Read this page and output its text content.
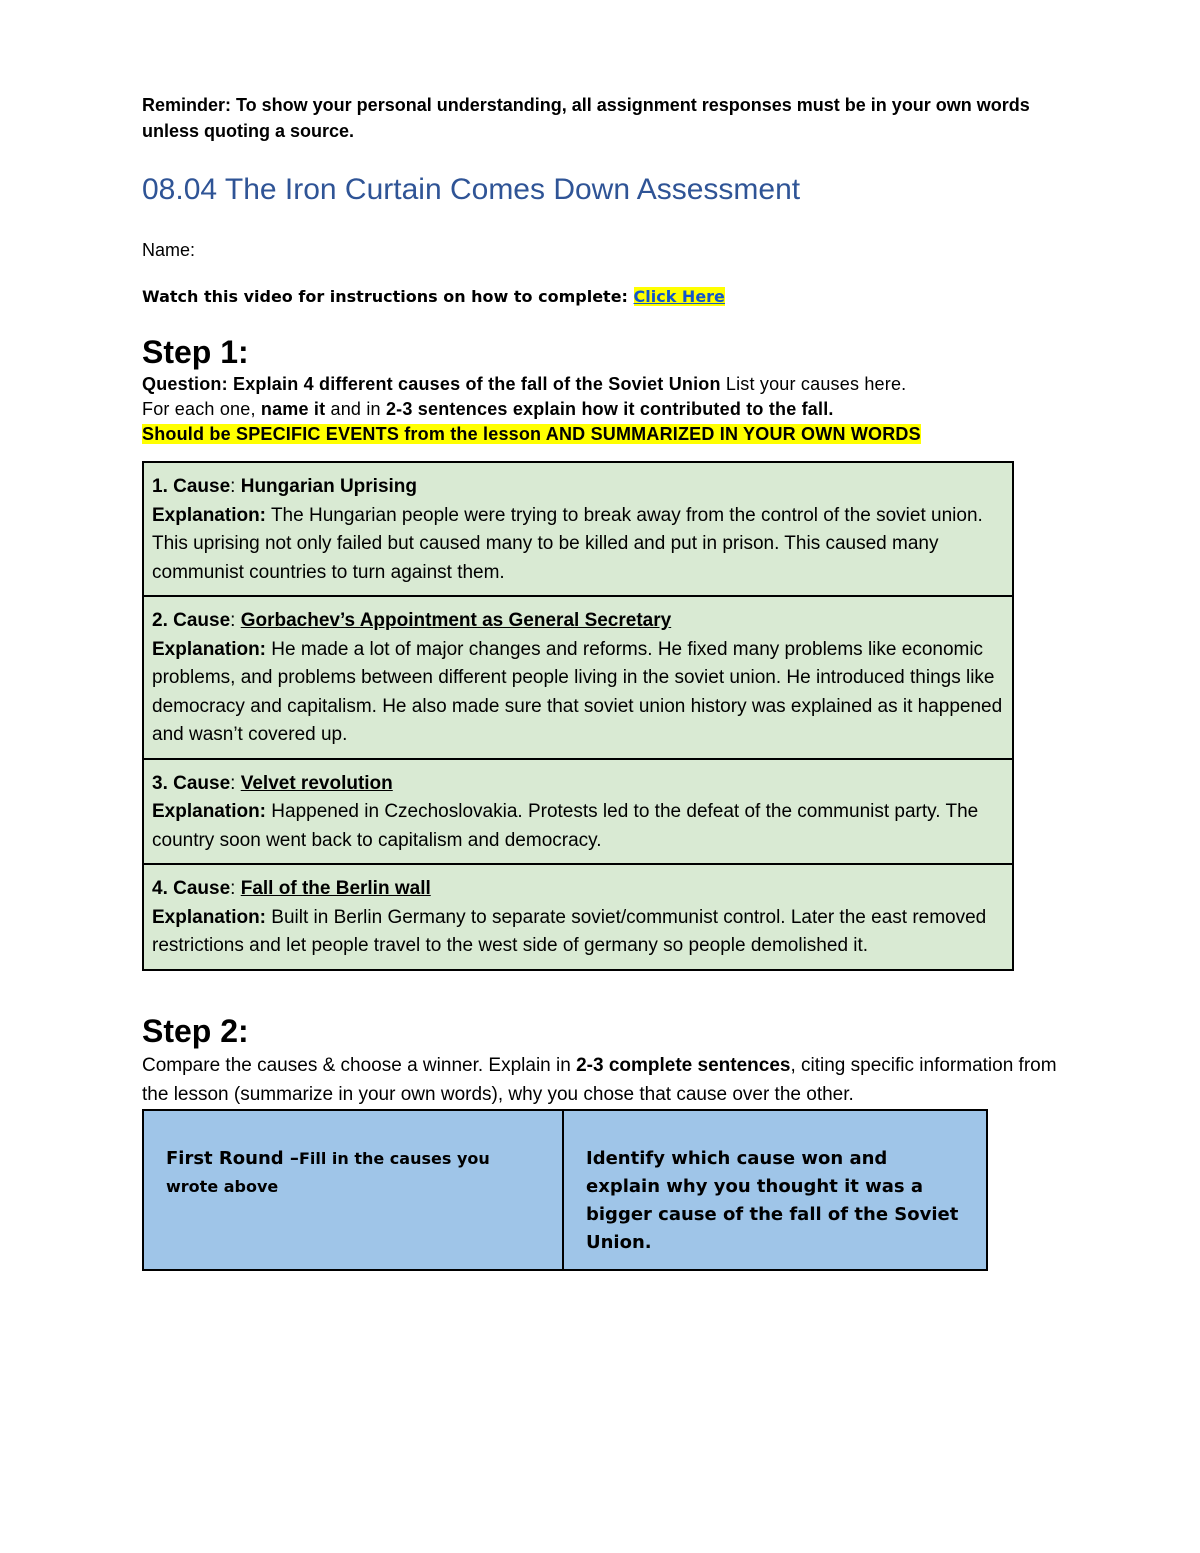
Reminder: To show your personal understanding, all assignment responses must be in your own words unless quoting a source.

08.04 The Iron Curtain Comes Down Assessment
Name:
Watch this video for instructions on how to complete: Click Here
Step 1:
Question: Explain 4 different causes of the fall of the Soviet Union List your causes here.
For each one, name it and in 2-3 sentences explain how it contributed to the fall.
Should be SPECIFIC EVENTS from the lesson AND SUMMARIZED IN YOUR OWN WORDS
1. Cause: Hungarian Uprising
Explanation: The Hungarian people were trying to break away from the control of the soviet union. This uprising not only failed but caused many to be killed and put in prison. This caused many communist countries to turn against them.
2. Cause: Gorbachev’s Appointment as General Secretary
Explanation: He made a lot of major changes and reforms. He fixed many problems like economic problems, and problems between different people living in the soviet union. He introduced things like democracy and capitalism. He also made sure that soviet union history was explained as it happened and wasn’t covered up.
3. Cause: Velvet revolution
Explanation: Happened in Czechoslovakia. Protests led to the defeat of the communist party. The country soon went back to capitalism and democracy.
4. Cause: Fall of the Berlin wall
Explanation: Built in Berlin Germany to separate soviet/communist control. Later the east removed restrictions and let people travel to the west side of germany so people demolished it.
Step 2:
Compare the causes & choose a winner. Explain in 2-3 complete sentences, citing specific information from the lesson (summarize in your own words), why you chose that cause over the other.
First Round –Fill in the causes you wrote above
Identify which cause won and explain why you thought it was a bigger cause of the fall of the Soviet Union.
